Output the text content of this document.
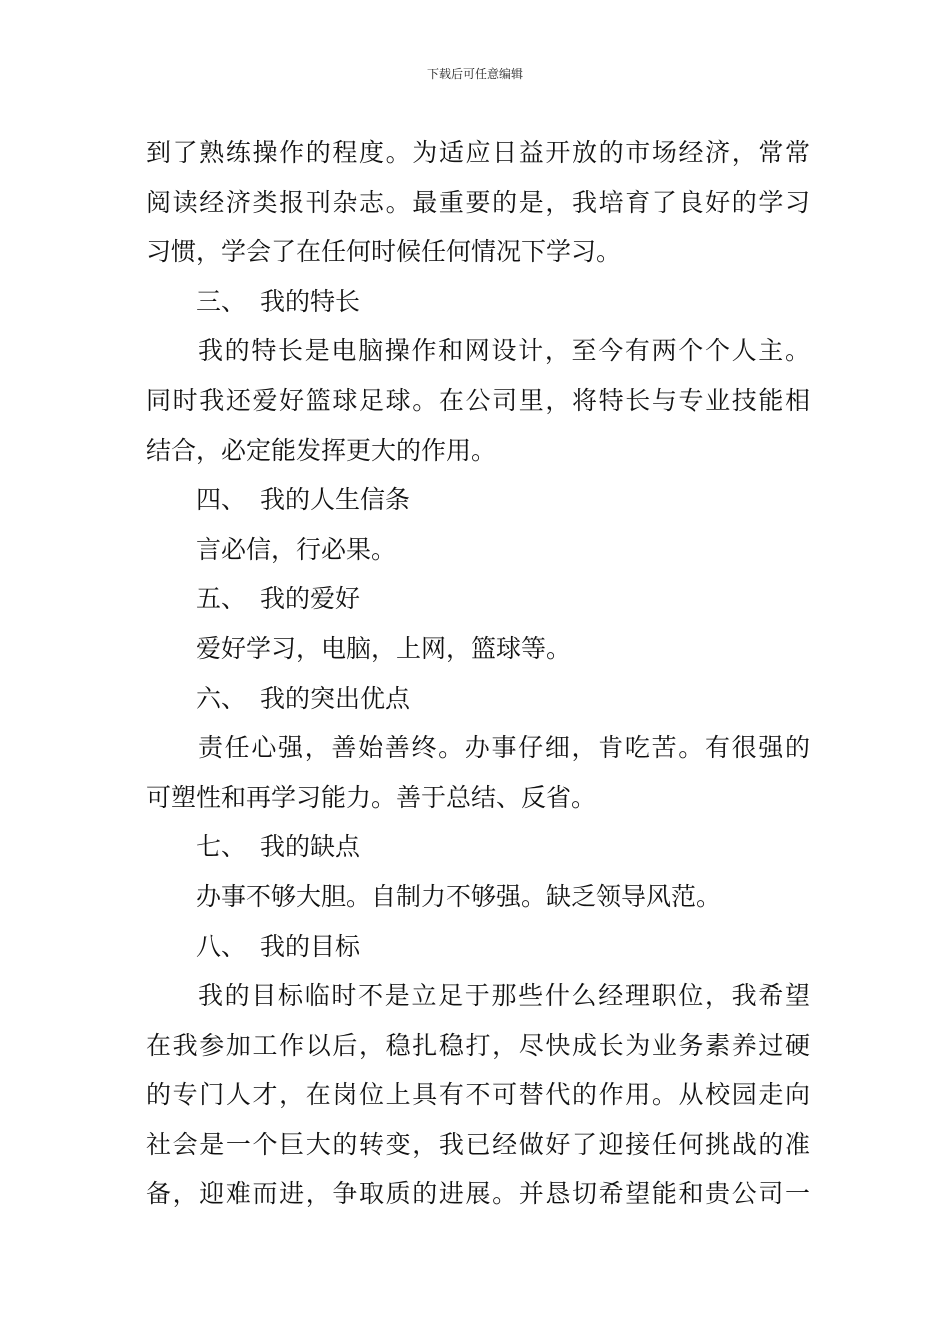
下载后可任意编辑
到了熟练操作的程度。为适应日益开放的市场经济，常常
阅读经济类报刊杂志。最重要的是，我培育了良好的学习
习惯，学会了在任何时候任何情况下学习。
三、 我的特长
我的特长是电脑操作和网设计，至今有两个个人主。
同时我还爱好篮球足球。在公司里，将特长与专业技能相
结合，必定能发挥更大的作用。
四、 我的人生信条
言必信，行必果。
五、 我的爱好
爱好学习，电脑，上网，篮球等。
六、 我的突出优点
责任心强，善始善终。办事仔细，肯吃苦。有很强的
可塑性和再学习能力。善于总结、反省。
七、 我的缺点
办事不够大胆。自制力不够强。缺乏领导风范。
八、 我的目标
我的目标临时不是立足于那些什么经理职位，我希望
在我参加工作以后，稳扎稳打，尽快成长为业务素养过硬
的专门人才，在岗位上具有不可替代的作用。从校园走向
社会是一个巨大的转变，我已经做好了迎接任何挑战的准
备，迎难而进，争取质的进展。并恳切希望能和贵公司一
